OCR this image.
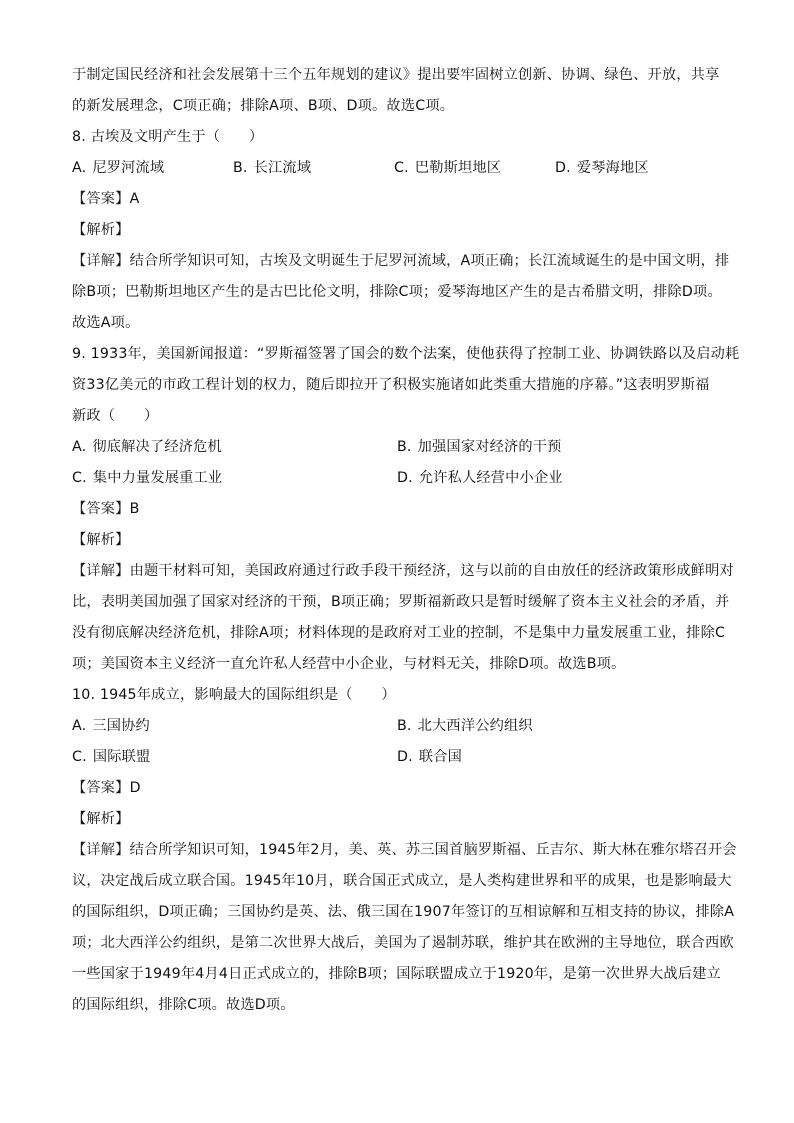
于制定国民经济和社会发展第十三个五年规划的建议》提出要牢固树立创新、协调、绿色、开放，共享
的新发展理念，C项正确；排除A项、B项、D项。故选C项。
8. 古埃及文明产生于（　　）
A. 尼罗河流域	B. 长江流域	C. 巴勒斯坦地区	D. 爱琴海地区
【答案】A
【解析】
【详解】结合所学知识可知，古埃及文明诞生于尼罗河流域，A项正确；长江流域诞生的是中国文明，排
除B项；巴勒斯坦地区产生的是古巴比伦文明，排除C项；爱琴海地区产生的是古希腊文明，排除D项。
故选A项。
9. 1933年，美国新闻报道：“罗斯福签署了国会的数个法案，使他获得了控制工业、协调铁路以及启动耗
资33亿美元的市政工程计划的权力，随后即拉开了积极实施诸如此类重大措施的序幕。”这表明罗斯福
新政（　　）
A. 彻底解决了经济危机	B. 加强国家对经济的干预
C. 集中力量发展重工业	D. 允许私人经营中小企业
【答案】B
【解析】
【详解】由题干材料可知，美国政府通过行政手段干预经济，这与以前的自由放任的经济政策形成鲜明对
比，表明美国加强了国家对经济的干预，B项正确；罗斯福新政只是暂时缓解了资本主义社会的矛盾，并
没有彻底解决经济危机，排除A项；材料体现的是政府对工业的控制，不是集中力量发展重工业，排除C
项；美国资本主义经济一直允许私人经营中小企业，与材料无关，排除D项。故选B项。
10. 1945年成立，影响最大的国际组织是（　　）
A. 三国协约	B. 北大西洋公约组织
C. 国际联盟	D. 联合国
【答案】D
【解析】
【详解】结合所学知识可知，1945年2月，美、英、苏三国首脑罗斯福、丘吉尔、斯大林在雅尔塔召开会
议，决定战后成立联合国。1945年10月，联合国正式成立，是人类构建世界和平的成果，也是影响最大
的国际组织，D项正确；三国协约是英、法、俄三国在1907年签订的互相谅解和互相支持的协议，排除A
项；北大西洋公约组织，是第二次世界大战后，美国为了遏制苏联，维护其在欧洲的主导地位，联合西欧
一些国家于1949年4月4日正式成立的，排除B项；国际联盟成立于1920年，是第一次世界大战后建立
的国际组织，排除C项。故选D项。
